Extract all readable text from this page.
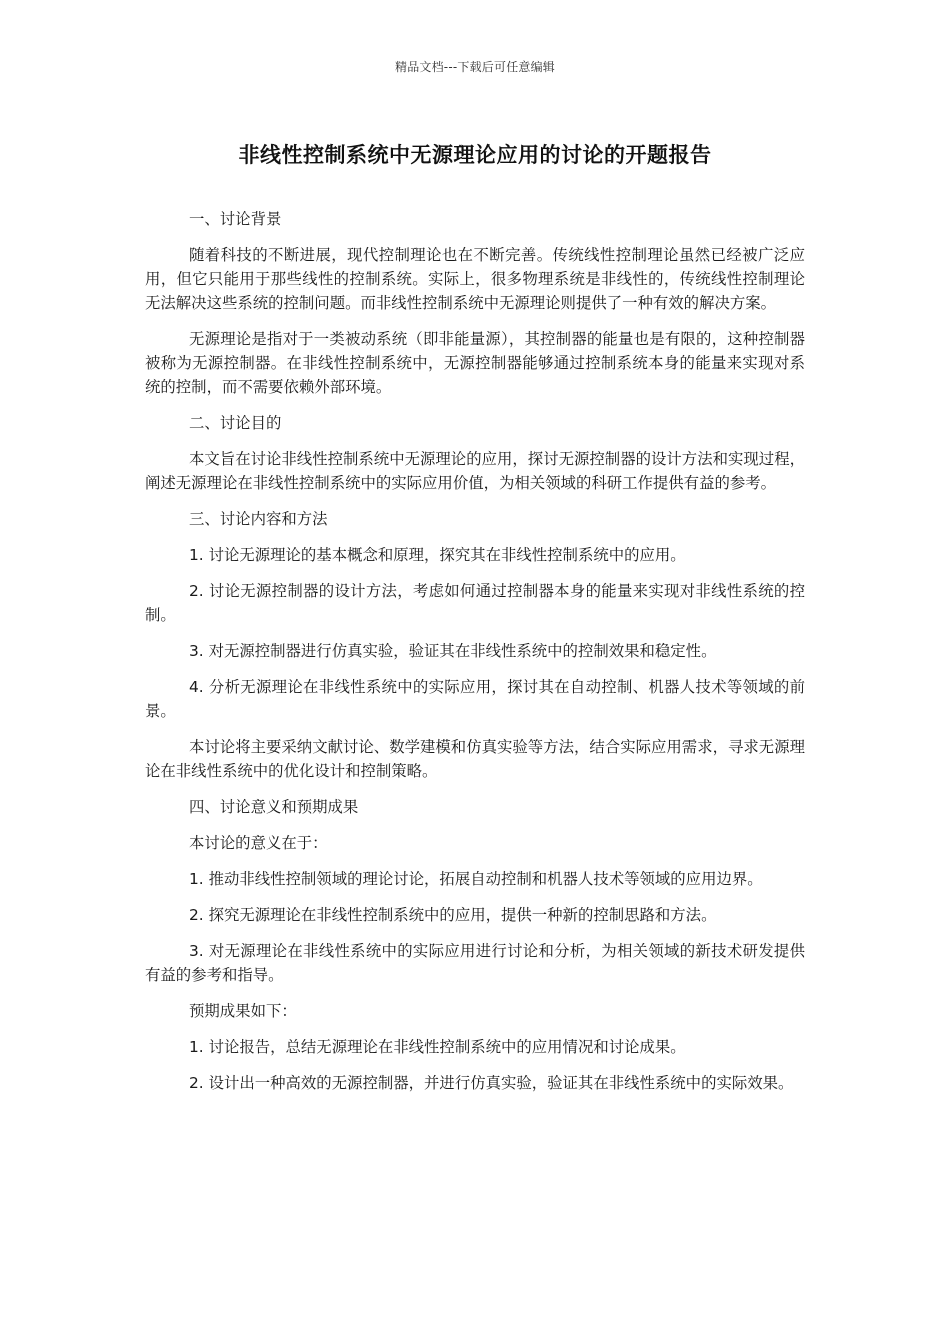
精品文档---下载后可任意编辑
非线性控制系统中无源理论应用的讨论的开题报告

一、讨论背景

随着科技的不断进展，现代控制理论也在不断完善。传统线性控制理论虽然已经被广泛应用，但它只能用于那些线性的控制系统。实际上，很多物理系统是非线性的，传统线性控制理论无法解决这些系统的控制问题。而非线性控制系统中无源理论则提供了一种有效的解决方案。

无源理论是指对于一类被动系统（即非能量源），其控制器的能量也是有限的，这种控制器被称为无源控制器。在非线性控制系统中，无源控制器能够通过控制系统本身的能量来实现对系统的控制，而不需要依赖外部环境。

二、讨论目的

本文旨在讨论非线性控制系统中无源理论的应用，探讨无源控制器的设计方法和实现过程，阐述无源理论在非线性控制系统中的实际应用价值，为相关领域的科研工作提供有益的参考。

三、讨论内容和方法

1. 讨论无源理论的基本概念和原理，探究其在非线性控制系统中的应用。

2. 讨论无源控制器的设计方法，考虑如何通过控制器本身的能量来实现对非线性系统的控制。

3. 对无源控制器进行仿真实验，验证其在非线性系统中的控制效果和稳定性。

4. 分析无源理论在非线性系统中的实际应用，探讨其在自动控制、机器人技术等领域的前景。

本讨论将主要采纳文献讨论、数学建模和仿真实验等方法，结合实际应用需求，寻求无源理论在非线性系统中的优化设计和控制策略。

四、讨论意义和预期成果

本讨论的意义在于：

1. 推动非线性控制领域的理论讨论，拓展自动控制和机器人技术等领域的应用边界。

2. 探究无源理论在非线性控制系统中的应用，提供一种新的控制思路和方法。

3. 对无源理论在非线性系统中的实际应用进行讨论和分析，为相关领域的新技术研发提供有益的参考和指导。

预期成果如下：

1. 讨论报告，总结无源理论在非线性控制系统中的应用情况和讨论成果。

2. 设计出一种高效的无源控制器，并进行仿真实验，验证其在非线性系统中的实际效果。
